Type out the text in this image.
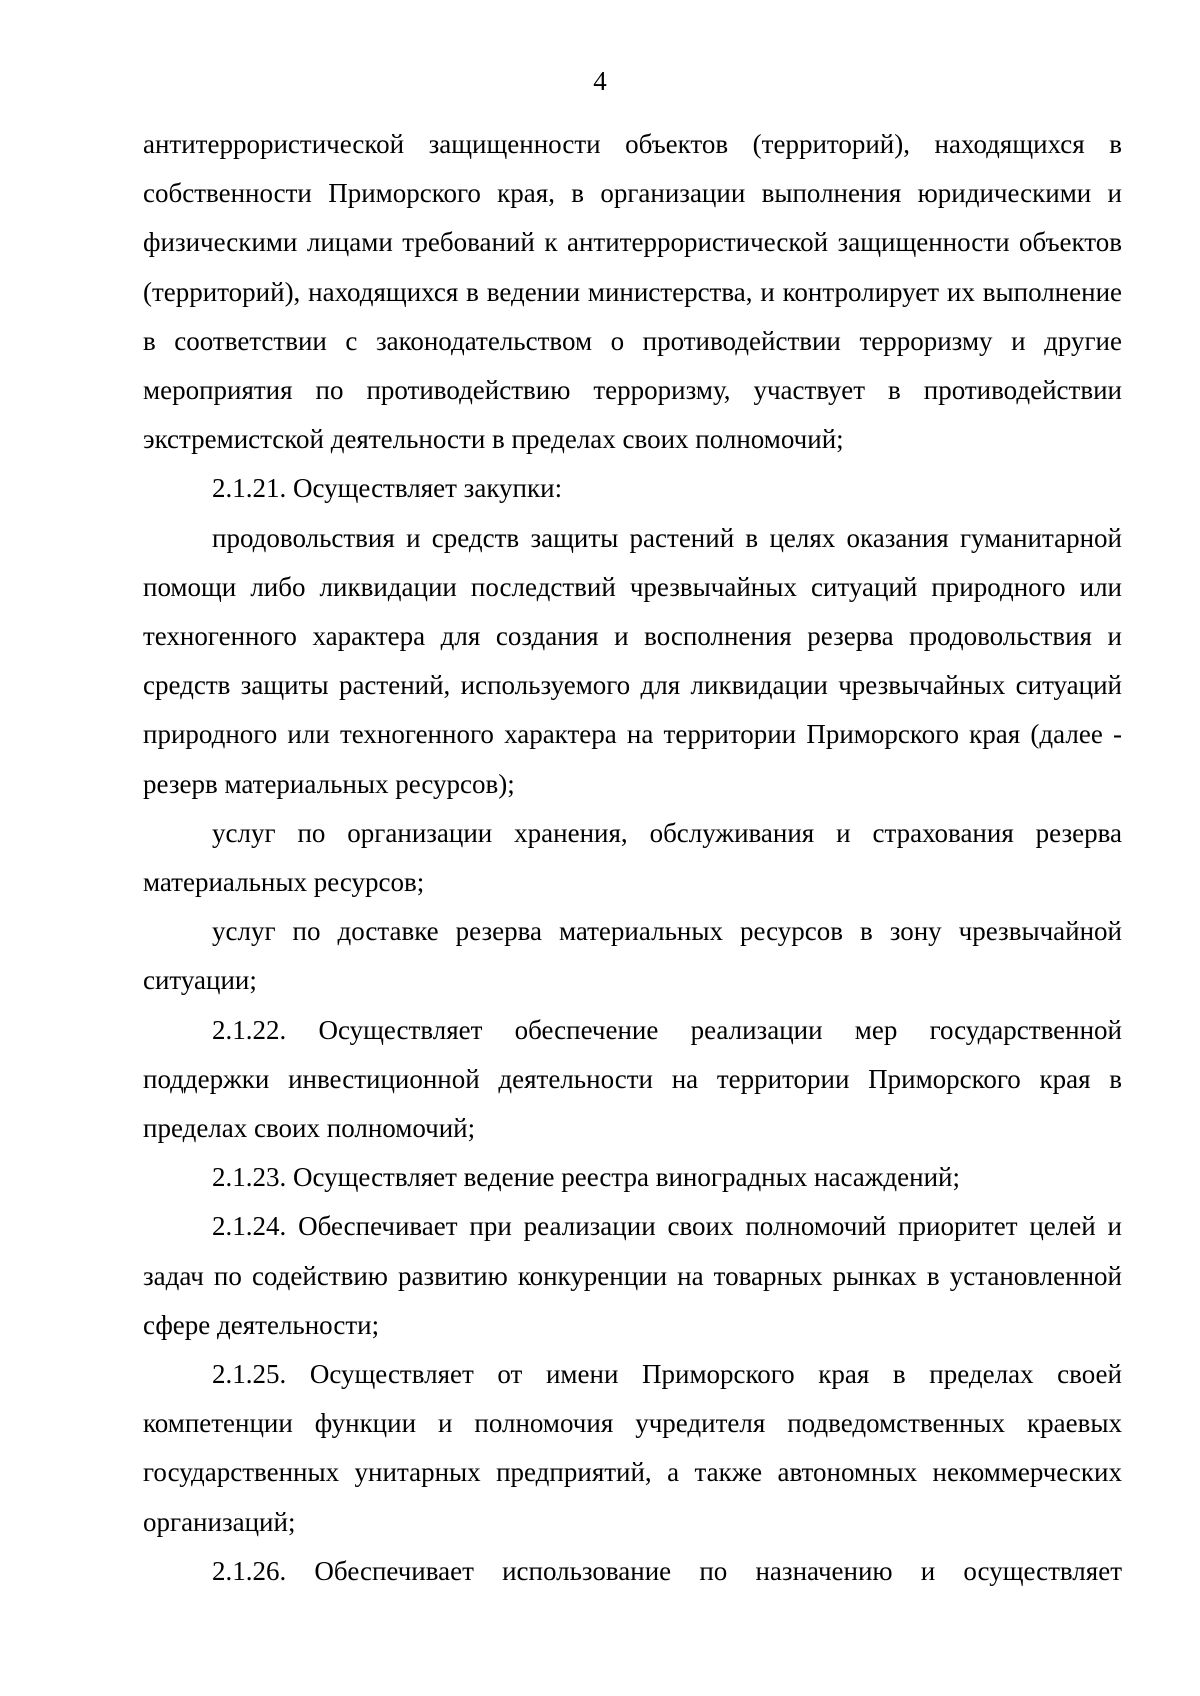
4

антитеррористической защищенности объектов (территорий), находящихся в собственности Приморского края, в организации выполнения юридическими и физическими лицами требований к антитеррористической защищенности объектов (территорий), находящихся в ведении министерства, и контролирует их выполнение в соответствии с законодательством о противодействии терроризму и другие мероприятия по противодействию терроризму, участвует в противодействии экстремистской деятельности в пределах своих полномочий;

2.1.21. Осуществляет закупки:

продовольствия и средств защиты растений в целях оказания гуманитарной помощи либо ликвидации последствий чрезвычайных ситуаций природного или техногенного характера для создания и восполнения резерва продовольствия и средств защиты растений, используемого для ликвидации чрезвычайных ситуаций природного или техногенного характера на территории Приморского края (далее - резерв материальных ресурсов);

услуг по организации хранения, обслуживания и страхования резерва материальных ресурсов;

услуг по доставке резерва материальных ресурсов в зону чрезвычайной ситуации;

2.1.22. Осуществляет обеспечение реализации мер государственной поддержки инвестиционной деятельности на территории Приморского края в пределах своих полномочий;

2.1.23. Осуществляет ведение реестра виноградных насаждений;

2.1.24. Обеспечивает при реализации своих полномочий приоритет целей и задач по содействию развитию конкуренции на товарных рынках в установленной сфере деятельности;

2.1.25. Осуществляет от имени Приморского края в пределах своей компетенции функции и полномочия учредителя подведомственных краевых государственных унитарных предприятий, а также автономных некоммерческих организаций;

2.1.26. Обеспечивает использование по назначению и осуществляет
